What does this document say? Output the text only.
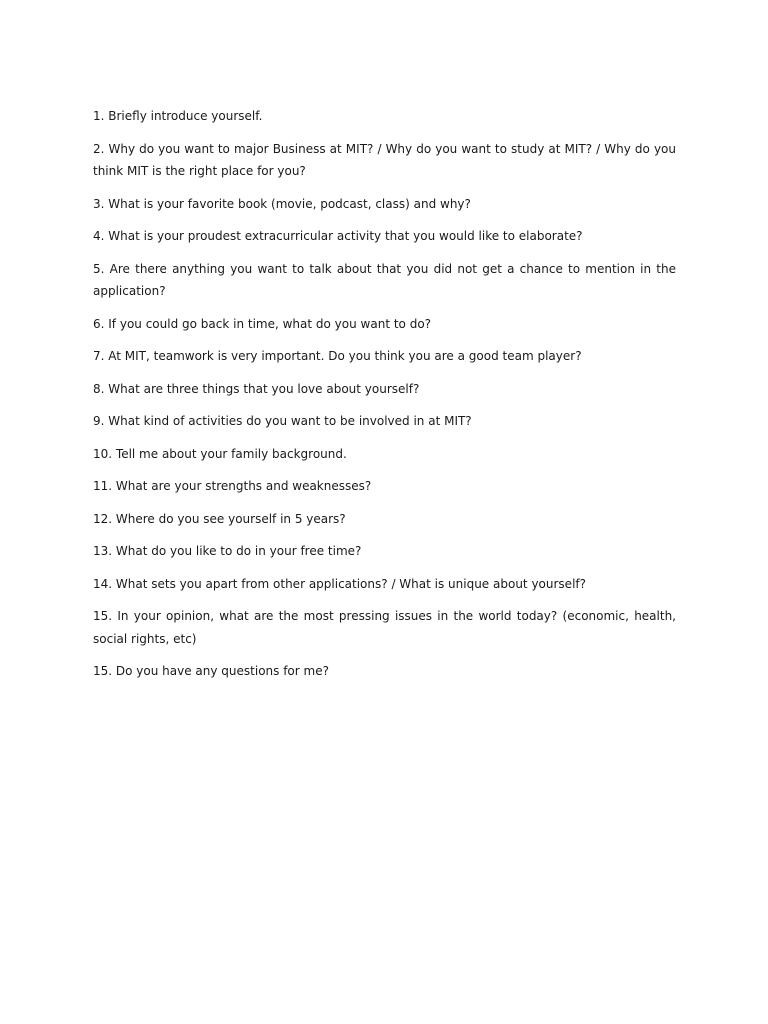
1. Briefly introduce yourself.

2. Why do you want to major Business at MIT? / Why do you want to study at MIT? / Why do you think MIT is the right place for you?

3. What is your favorite book (movie, podcast, class) and why?

4. What is your proudest extracurricular activity that you would like to elaborate?

5. Are there anything you want to talk about that you did not get a chance to mention in the application?

6. If you could go back in time, what do you want to do?

7. At MIT, teamwork is very important. Do you think you are a good team player?

8. What are three things that you love about yourself?

9. What kind of activities do you want to be involved in at MIT?

10. Tell me about your family background.

11. What are your strengths and weaknesses?

12. Where do you see yourself in 5 years?

13. What do you like to do in your free time?

14. What sets you apart from other applications? / What is unique about yourself?

15. In your opinion, what are the most pressing issues in the world today? (economic, health, social rights, etc)

15. Do you have any questions for me?
